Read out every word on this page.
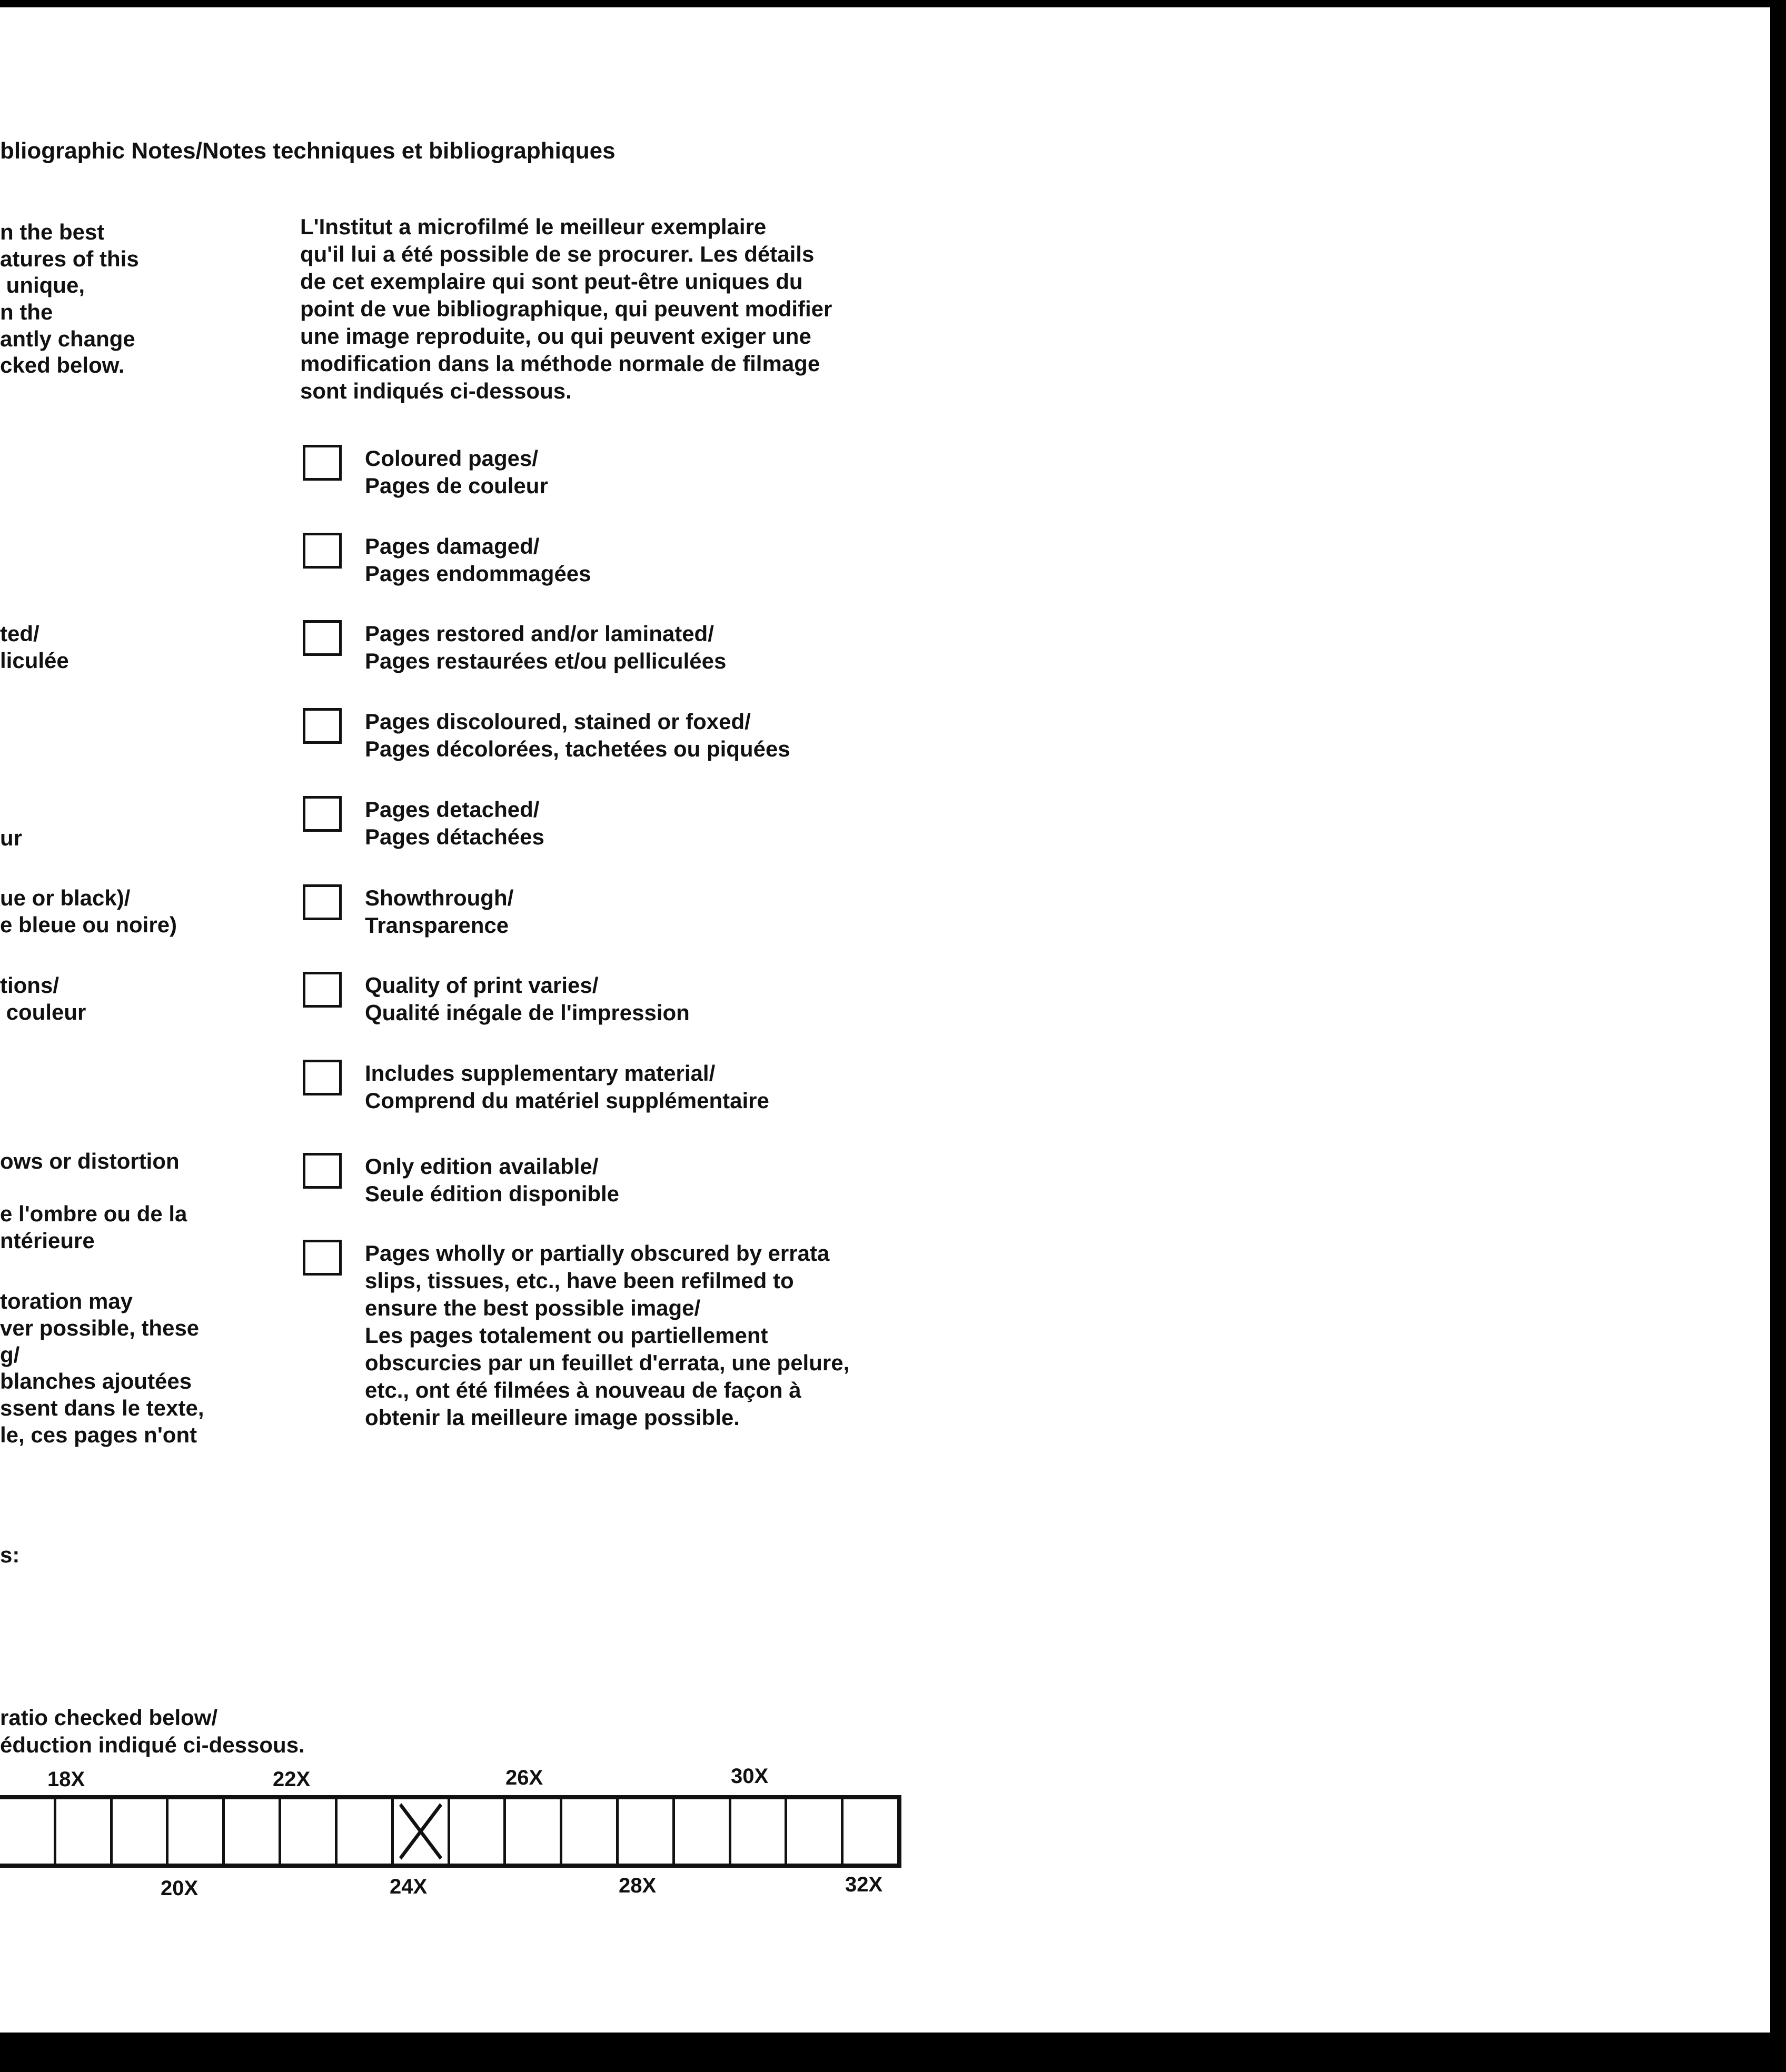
bliographic Notes/Notes techniques et bibliographiques
n the best
atures of this
unique,
n the
antly change
cked below.
ted/
liculée
ur
ue or black)/
e bleue ou noire)
tions/
couleur
ows or distortion
e l'ombre ou de la
ntérieure
toration may
ver possible, these
g/
blanches ajoutées
ssent dans le texte,
le, ces pages n'ont
s:
L'Institut a microfilmé le meilleur exemplaire
qu'il lui a été possible de se procurer. Les détails
de cet exemplaire qui sont peut-être uniques du
point de vue bibliographique, qui peuvent modifier
une image reproduite, ou qui peuvent exiger une
modification dans la méthode normale de filmage
sont indiqués ci-dessous.
Coloured pages/
Pages de couleur
Pages damaged/
Pages endommagées
Pages restored and/or laminated/
Pages restaurées et/ou pelliculées
Pages discoloured, stained or foxed/
Pages décolorées, tachetées ou piquées
Pages detached/
Pages détachées
Showthrough/
Transparence
Quality of print varies/
Qualité inégale de l'impression
Includes supplementary material/
Comprend du matériel supplémentaire
Only edition available/
Seule édition disponible
Pages wholly or partially obscured by errata
slips, tissues, etc., have been refilmed to
ensure the best possible image/
Les pages totalement ou partiellement
obscurcies par un feuillet d'errata, une pelure,
etc., ont été filmées à nouveau de façon à
obtenir la meilleure image possible.
ratio checked below/
éduction indiqué ci-dessous.
18X	22X	26X	30X
20X	24X	28X	32X
